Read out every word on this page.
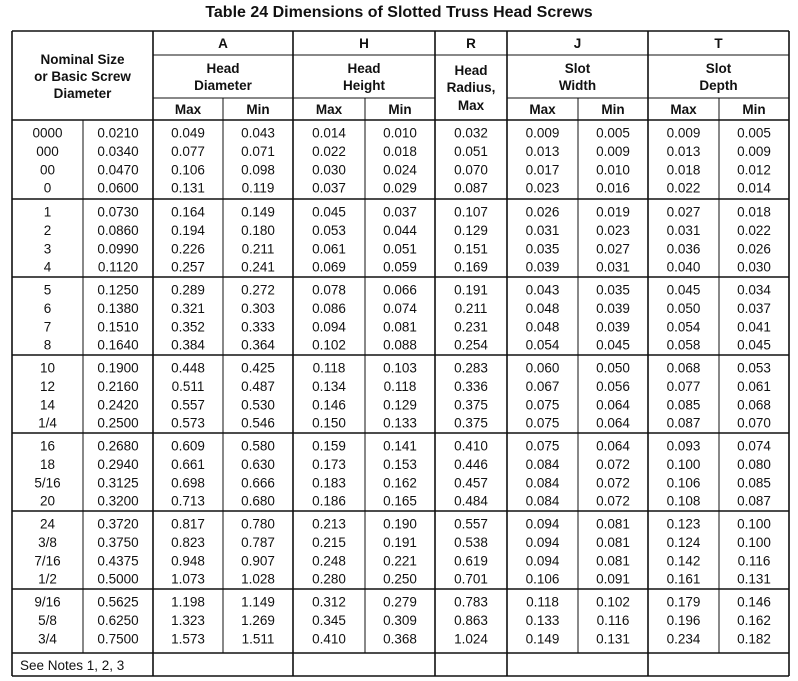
Table 24 Dimensions of Slotted Truss Head Screws
Nominal Size
or Basic Screw
Diameter
A
Head
Diameter
Max	Min
H
Head
Height
Max	Min
R
Head
Radius,
Max
J
Slot
Width
Max	Min
T
Slot
Depth
Max	Min
0000	0.0210 0.049	0.043	0.014	0.010	0.032	0.009	0.005	0.009	0.005
000	0.0340 0.077	0.071	0.022	0.018	0.051	0.013	0.009	0.013	0.009
00	0.0470 0.106	0.098	0.030	0.024	0.070	0.017	0.010	0.018	0.012
0	0.0600 0.131	0.119	0.037	0.029	0.087	0.023	0.016	0.022	0.014
1	0.0730 0.164	0.149	0.045	0.037	0.107	0.026	0.019	0.027	0.018
2	0.0860 0.194	0.180	0.053	0.044	0.129	0.031	0.023	0.031	0.022
3	0.0990 0.226	0.211	0.061	0.051	0.151	0.035	0.027	0.036	0.026
4	0.1120 0.257	0.241	0.069	0.059	0.169	0.039	0.031	0.040	0.030
5	0.1250 0.289	0.272	0.078	0.066	0.191	0.043	0.035	0.045	0.034
6	0.1380 0.321	0.303	0.086	0.074	0.211	0.048	0.039	0.050	0.037
7	0.1510 0.352	0.333	0.094	0.081	0.231	0.048	0.039	0.054	0.041
8	0.1640 0.384	0.364	0.102	0.088	0.254	0.054	0.045	0.058	0.045
10	0.1900 0.448	0.425	0.118	0.103	0.283	0.060	0.050	0.068	0.053
12	0.2160 0.511	0.487	0.134	0.118	0.336	0.067	0.056	0.077	0.061
14	0.2420 0.557	0.530	0.146	0.129	0.375	0.075	0.064	0.085	0.068
1/4	0.2500 0.573	0.546	0.150	0.133	0.375	0.075	0.064	0.087	0.070
16	0.2680 0.609	0.580	0.159	0.141	0.410	0.075	0.064	0.093	0.074
18	0.2940 0.661	0.630	0.173	0.153	0.446	0.084	0.072	0.100	0.080
5/16	0.3125 0.698	0.666	0.183	0.162	0.457	0.084	0.072	0.106	0.085
20	0.3200 0.713	0.680	0.186	0.165	0.484	0.084	0.072	0.108	0.087
24	0.3720 0.817	0.780	0.213	0.190	0.557	0.094	0.081	0.123	0.100
3/8	0.3750 0.823	0.787	0.215	0.191	0.538	0.094	0.081	0.124	0.100
7/16	0.4375 0.948	0.907	0.248	0.221	0.619	0.094	0.081	0.142	0.116
1/2	0.5000 1.073	1.028	0.280	0.250	0.701	0.106	0.091	0.161	0.131
9/16	0.5625 1.198	1.149	0.312	0.279	0.783	0.118	0.102	0.179	0.146
5/8	0.6250 1.323	1.269	0.345	0.309	0.863	0.133	0.116	0.196	0.162
3/4	0.7500 1.573	1.511	0.410	0.368	1.024	0.149	0.131	0.234	0.182
See Notes 1, 2, 3
